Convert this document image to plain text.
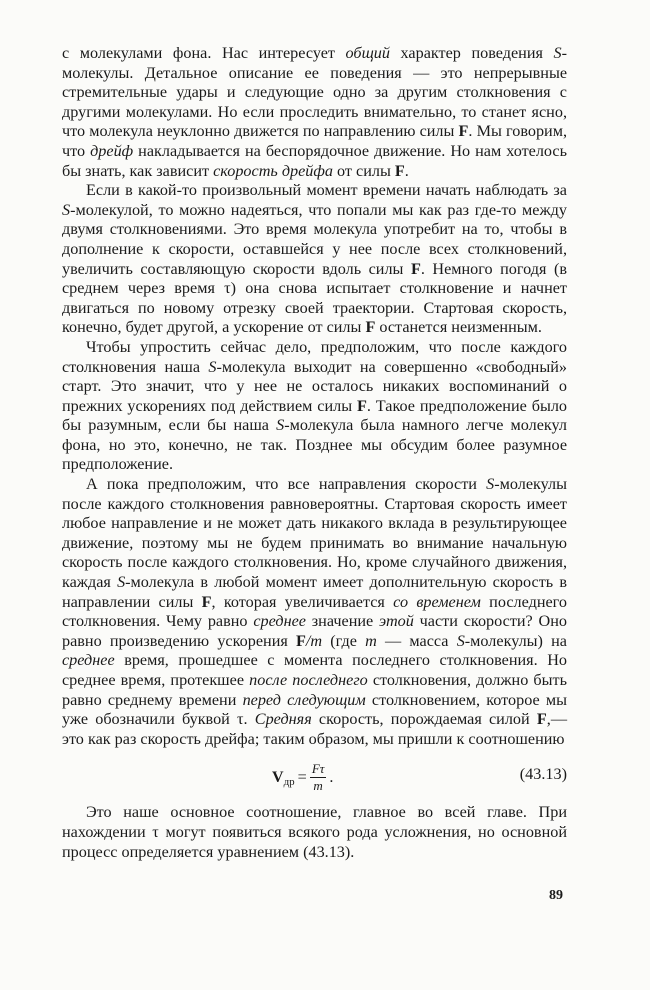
с молекулами фона. Нас интересует общий характер поведения S-молекулы. Детальное описание ее поведения — это непрерывные стремительные удары и следующие одно за другим столкновения с другими молекулами. Но если проследить внимательно, то станет ясно, что молекула неуклонно движется по направлению силы F. Мы говорим, что дрейф накладывается на беспорядочное движение. Но нам хотелось бы знать, как зависит скорость дрейфа от силы F.

Если в какой-то произвольный момент времени начать наблюдать за S-молекулой, то можно надеяться, что попали мы как раз где-то между двумя столкновениями. Это время молекула употребит на то, чтобы в дополнение к скорости, оставшейся у нее после всех столкновений, увеличить составляющую скорости вдоль силы F. Немного погодя (в среднем через время τ) она снова испытает столкновение и начнет двигаться по новому отрезку своей траектории. Стартовая скорость, конечно, будет другой, а ускорение от силы F останется неизменным.

Чтобы упростить сейчас дело, предположим, что после каждого столкновения наша S-молекула выходит на совершенно «свободный» старт. Это значит, что у нее не осталось никаких воспоминаний о прежних ускорениях под действием силы F. Такое предположение было бы разумным, если бы наша S-молекула была намного легче молекул фона, но это, конечно, не так. Позднее мы обсудим более разумное предположение.

А пока предположим, что все направления скорости S-молекулы после каждого столкновения равновероятны. Стартовая скорость имеет любое направление и не может дать никакого вклада в результирующее движение, поэтому мы не будем принимать во внимание начальную скорость после каждого столкновения. Но, кроме случайного движения, каждая S-молекула в любой момент имеет дополнительную скорость в направлении силы F, которая увеличивается со временем последнего столкновения. Чему равно среднее значение этой части скорости? Оно равно произведению ускорения F/m (где m — масса S-молекулы) на среднее время, прошедшее с момента последнего столкновения. Но среднее время, протекшее после последнего столкновения, должно быть равно среднему времени перед следующим столкновением, которое мы уже обозначили буквой τ. Средняя скорость, порождаемая силой F,— это как раз скорость дрейфа; таким образом, мы пришли к соотношению

V др = $\frac{F\tau}{m}$ .	(43.13)

Это наше основное соотношение, главное во всей главе. При нахождении τ могут появиться всякого рода усложнения, но основной процесс определяется уравнением (43.13).

89
